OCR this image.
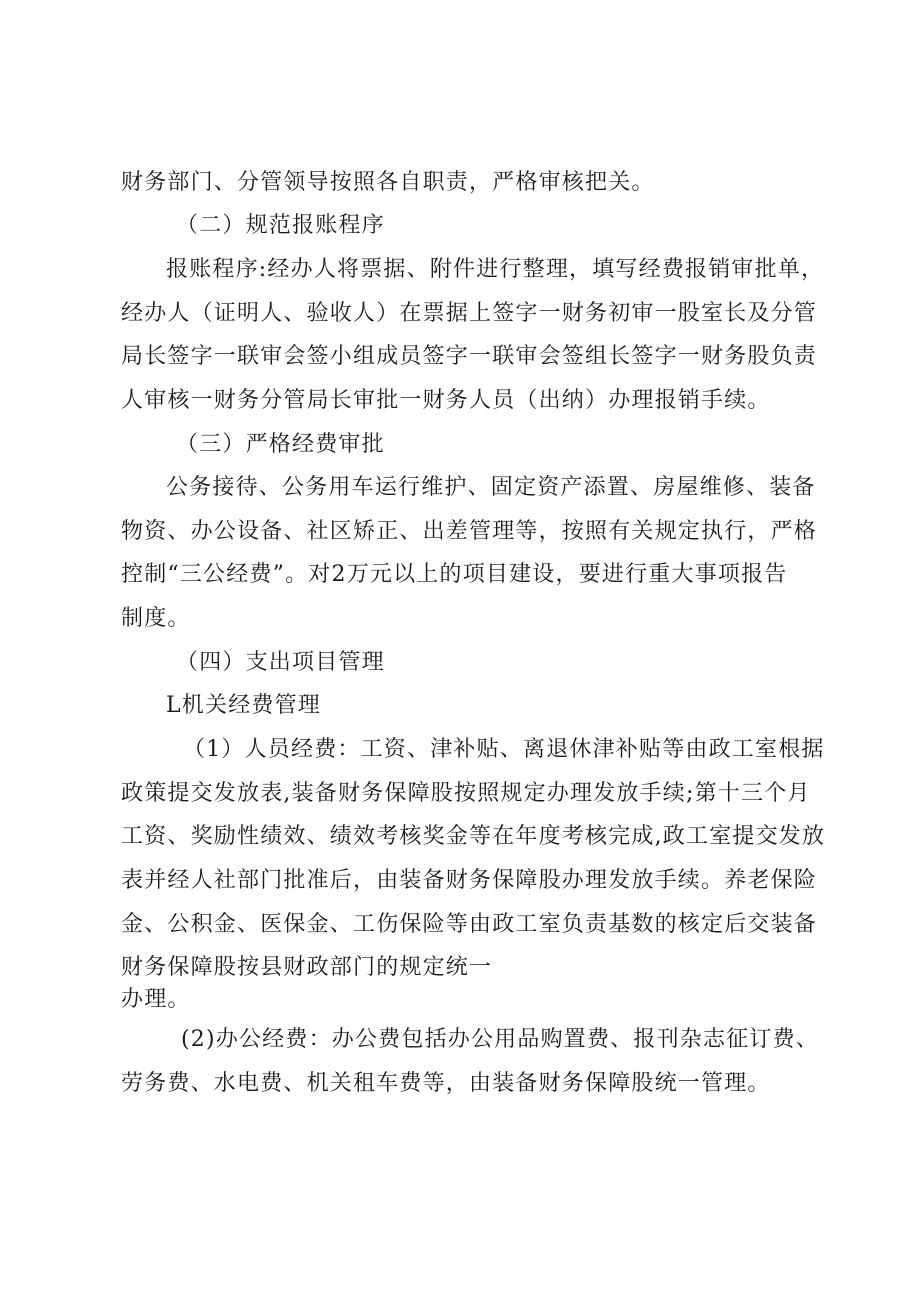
财务部门、分管领导按照各自职责，严格审核把关。
（二）规范报账程序
报账程序:经办人将票据、附件进行整理，填写经费报销审批单，
经办人（证明人、验收人）在票据上签字一财务初审一股室长及分管
局长签字一联审会签小组成员签字一联审会签组长签字一财务股负责
人审核一财务分管局长审批一财务人员（出纳）办理报销手续。
（三）严格经费审批
公务接待、公务用车运行维护、固定资产添置、房屋维修、装备
物资、办公设备、社区矫正、出差管理等，按照有关规定执行，严格
控制“三公经费”。对2万元以上的项目建设，要进行重大事项报告
制度。
（四）支出项目管理
L机关经费管理
（1）人员经费：工资、津补贴、离退休津补贴等由政工室根据
政策提交发放表,装备财务保障股按照规定办理发放手续;第十三个月
工资、奖励性绩效、绩效考核奖金等在年度考核完成,政工室提交发放
表并经人社部门批准后，由装备财务保障股办理发放手续。养老保险
金、公积金、医保金、工伤保险等由政工室负责基数的核定后交装备
财务保障股按县财政部门的规定统一
办理。
(2)办公经费：办公费包括办公用品购置费、报刊杂志征订费、
劳务费、水电费、机关租车费等，由装备财务保障股统一管理。
